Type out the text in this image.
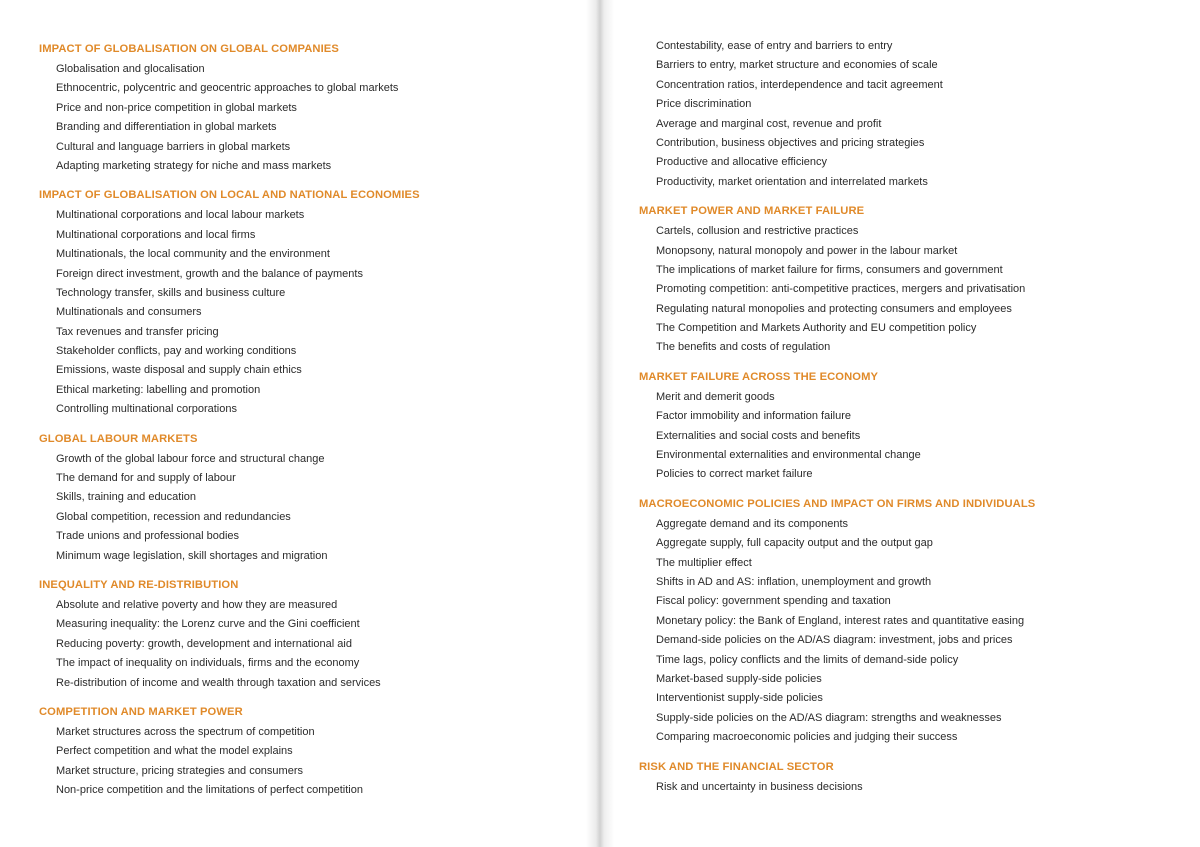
IMPACT OF GLOBALISATION ON GLOBAL COMPANIES
Globalisation and glocalisation
Ethnocentric, polycentric and geocentric approaches to global markets
Price and non-price competition in global markets
Branding and differentiation in global markets
Cultural and language barriers in global markets
Adapting marketing strategy for niche and mass markets
IMPACT OF GLOBALISATION ON LOCAL AND NATIONAL ECONOMIES
Multinational corporations and local labour markets
Multinational corporations and local firms
Multinationals, the local community and the environment
Foreign direct investment, growth and the balance of payments
Technology transfer, skills and business culture
Multinationals and consumers
Tax revenues and transfer pricing
Stakeholder conflicts, pay and working conditions
Emissions, waste disposal and supply chain ethics
Ethical marketing: labelling and promotion
Controlling multinational corporations
GLOBAL LABOUR MARKETS
Growth of the global labour force and structural change
The demand for and supply of labour
Skills, training and education
Global competition, recession and redundancies
Trade unions and professional bodies
Minimum wage legislation, skill shortages and migration
INEQUALITY AND RE-DISTRIBUTION
Absolute and relative poverty and how they are measured
Measuring inequality: the Lorenz curve and the Gini coefficient
Reducing poverty: growth, development and international aid
The impact of inequality on individuals, firms and the economy
Re-distribution of income and wealth through taxation and services
COMPETITION AND MARKET POWER
Market structures across the spectrum of competition
Perfect competition and what the model explains
Market structure, pricing strategies and consumers
Non-price competition and the limitations of perfect competition
Contestability, ease of entry and barriers to entry
Barriers to entry, market structure and economies of scale
Concentration ratios, interdependence and tacit agreement
Price discrimination
Average and marginal cost, revenue and profit
Contribution, business objectives and pricing strategies
Productive and allocative efficiency
Productivity, market orientation and interrelated markets
MARKET POWER AND MARKET FAILURE
Cartels, collusion and restrictive practices
Monopsony, natural monopoly and power in the labour market
The implications of market failure for firms, consumers and government
Promoting competition: anti-competitive practices, mergers and privatisation
Regulating natural monopolies and protecting consumers and employees
The Competition and Markets Authority and EU competition policy
The benefits and costs of regulation
MARKET FAILURE ACROSS THE ECONOMY
Merit and demerit goods
Factor immobility and information failure
Externalities and social costs and benefits
Environmental externalities and environmental change
Policies to correct market failure
MACROECONOMIC POLICIES AND IMPACT ON FIRMS AND INDIVIDUALS
Aggregate demand and its components
Aggregate supply, full capacity output and the output gap
The multiplier effect
Shifts in AD and AS: inflation, unemployment and growth
Fiscal policy: government spending and taxation
Monetary policy: the Bank of England, interest rates and quantitative easing
Demand-side policies on the AD/AS diagram: investment, jobs and prices
Time lags, policy conflicts and the limits of demand-side policy
Market-based supply-side policies
Interventionist supply-side policies
Supply-side policies on the AD/AS diagram: strengths and weaknesses
Comparing macroeconomic policies and judging their success
RISK AND THE FINANCIAL SECTOR
Risk and uncertainty in business decisions
